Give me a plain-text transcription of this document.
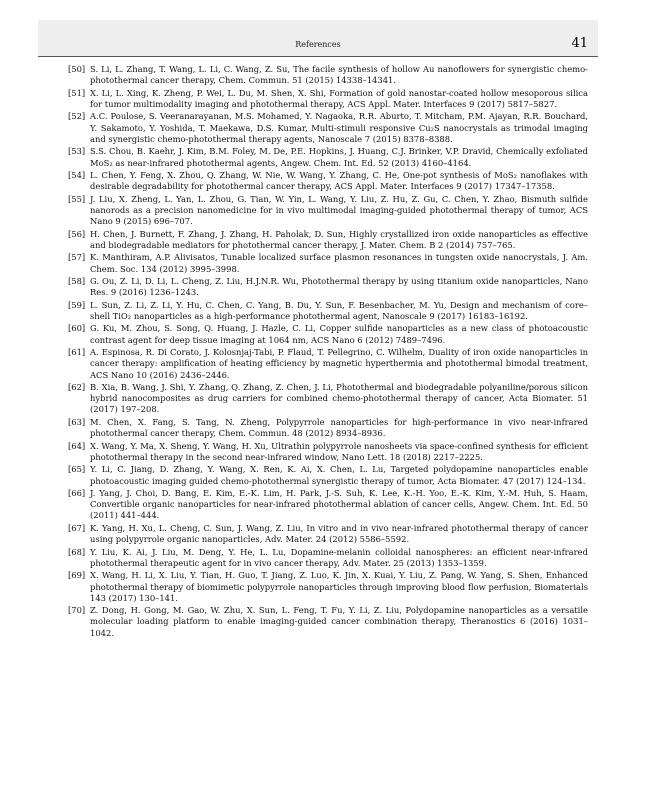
References	41
[50] S. Li, L. Zhang, T. Wang, L. Li, C. Wang, Z. Su, The facile synthesis of hollow Au nanoflowers for synergistic chemo-photothermal cancer therapy, Chem. Commun. 51 (2015) 14338–14341.
[51] X. Li, L. Xing, K. Zheng, P. Wei, L. Du, M. Shen, X. Shi, Formation of gold nanostar-coated hollow mesoporous silica for tumor multimodality imaging and photothermal therapy, ACS Appl. Mater. Interfaces 9 (2017) 5817–5827.
[52] A.C. Poulose, S. Veeranarayanan, M.S. Mohamed, Y. Nagaoka, R.R. Aburto, T. Mitcham, P.M. Ajayan, R.R. Bouchard, Y. Sakamoto, Y. Yoshida, T. Maekawa, D.S. Kumar, Multi-stimuli responsive Cu₂S nanocrystals as trimodal imaging and synergistic chemo-photothermal therapy agents, Nanoscale 7 (2015) 8378–8388.
[53] S.S. Chou, B. Kaehr, J. Kim, B.M. Foley, M. De, P.E. Hopkins, J. Huang, C.J. Brinker, V.P. Dravid, Chemically exfoliated MoS₂ as near-infrared photothermal agents, Angew. Chem. Int. Ed. 52 (2013) 4160–4164.
[54] L. Chen, Y. Feng, X. Zhou, Q. Zhang, W. Nie, W. Wang, Y. Zhang, C. He, One-pot synthesis of MoS₂ nanoflakes with desirable degradability for photothermal cancer therapy, ACS Appl. Mater. Interfaces 9 (2017) 17347–17358.
[55] J. Liu, X. Zheng, L. Yan, L. Zhou, G. Tian, W. Yin, L. Wang, Y. Liu, Z. Hu, Z. Gu, C. Chen, Y. Zhao, Bismuth sulfide nanorods as a precision nanomedicine for in vivo multimodal imaging-guided photothermal therapy of tumor, ACS Nano 9 (2015) 696–707.
[56] H. Chen, J. Burnett, F. Zhang, J. Zhang, H. Paholak, D. Sun, Highly crystallized iron oxide nanoparticles as effective and biodegradable mediators for photothermal cancer therapy, J. Mater. Chem. B 2 (2014) 757–765.
[57] K. Manthiram, A.P. Alivisatos, Tunable localized surface plasmon resonances in tungsten oxide nanocrystals, J. Am. Chem. Soc. 134 (2012) 3995–3998.
[58] G. Ou, Z. Li, D. Li, L. Cheng, Z. Liu, H.J.N.R. Wu, Photothermal therapy by using titanium oxide nanoparticles, Nano Res. 9 (2016) 1236–1243.
[59] L. Sun, Z. Li, Z. Li, Y. Hu, C. Chen, C. Yang, B. Du, Y. Sun, F. Besenbacher, M. Yu, Design and mechanism of core–shell TiO₂ nanoparticles as a high-performance photothermal agent, Nanoscale 9 (2017) 16183–16192.
[60] G. Ku, M. Zhou, S. Song, Q. Huang, J. Hazle, C. Li, Copper sulfide nanoparticles as a new class of photoacoustic contrast agent for deep tissue imaging at 1064 nm, ACS Nano 6 (2012) 7489–7496.
[61] A. Espinosa, R. Di Corato, J. Kolosnjaj-Tabi, P. Flaud, T. Pellegrino, C. Wilhelm, Duality of iron oxide nanoparticles in cancer therapy: amplification of heating efficiency by magnetic hyperthermia and photothermal bimodal treatment, ACS Nano 10 (2016) 2436–2446.
[62] B. Xia, B. Wang, J. Shi, Y. Zhang, Q. Zhang, Z. Chen, J. Li, Photothermal and biodegradable polyaniline/porous silicon hybrid nanocomposites as drug carriers for combined chemo-photothermal therapy of cancer, Acta Biomater. 51 (2017) 197–208.
[63] M. Chen, X. Fang, S. Tang, N. Zheng, Polypyrrole nanoparticles for high-performance in vivo near-infrared photothermal cancer therapy, Chem. Commun. 48 (2012) 8934–8936.
[64] X. Wang, Y. Ma, X. Sheng, Y. Wang, H. Xu, Ultrathin polypyrrole nanosheets via space-confined synthesis for efficient photothermal therapy in the second near-infrared window, Nano Lett. 18 (2018) 2217–2225.
[65] Y. Li, C. Jiang, D. Zhang, Y. Wang, X. Ren, K. Ai, X. Chen, L. Lu, Targeted polydopamine nanoparticles enable photoacoustic imaging guided chemo-photothermal synergistic therapy of tumor, Acta Biomater. 47 (2017) 124–134.
[66] J. Yang, J. Choi, D. Bang, E. Kim, E.-K. Lim, H. Park, J.-S. Suh, K. Lee, K.-H. Yoo, E.-K. Kim, Y.-M. Huh, S. Haam, Convertible organic nanoparticles for near-infrared photothermal ablation of cancer cells, Angew. Chem. Int. Ed. 50 (2011) 441–444.
[67] K. Yang, H. Xu, L. Cheng, C. Sun, J. Wang, Z. Liu, In vitro and in vivo near-infrared photothermal therapy of cancer using polypyrrole organic nanoparticles, Adv. Mater. 24 (2012) 5586–5592.
[68] Y. Liu, K. Ai, J. Liu, M. Deng, Y. He, L. Lu, Dopamine-melanin colloidal nanospheres: an efficient near-infrared photothermal therapeutic agent for in vivo cancer therapy, Adv. Mater. 25 (2013) 1353–1359.
[69] X. Wang, H. Li, X. Liu, Y. Tian, H. Guo, T. Jiang, Z. Luo, K. Jin, X. Kuai, Y. Liu, Z. Pang, W. Yang, S. Shen, Enhanced photothermal therapy of biomimetic polypyrrole nanoparticles through improving blood flow perfusion, Biomaterials 143 (2017) 130–141.
[70] Z. Dong, H. Gong, M. Gao, W. Zhu, X. Sun, L. Feng, T. Fu, Y. Li, Z. Liu, Polydopamine nanoparticles as a versatile molecular loading platform to enable imaging-guided cancer combination therapy, Theranostics 6 (2016) 1031–1042.
